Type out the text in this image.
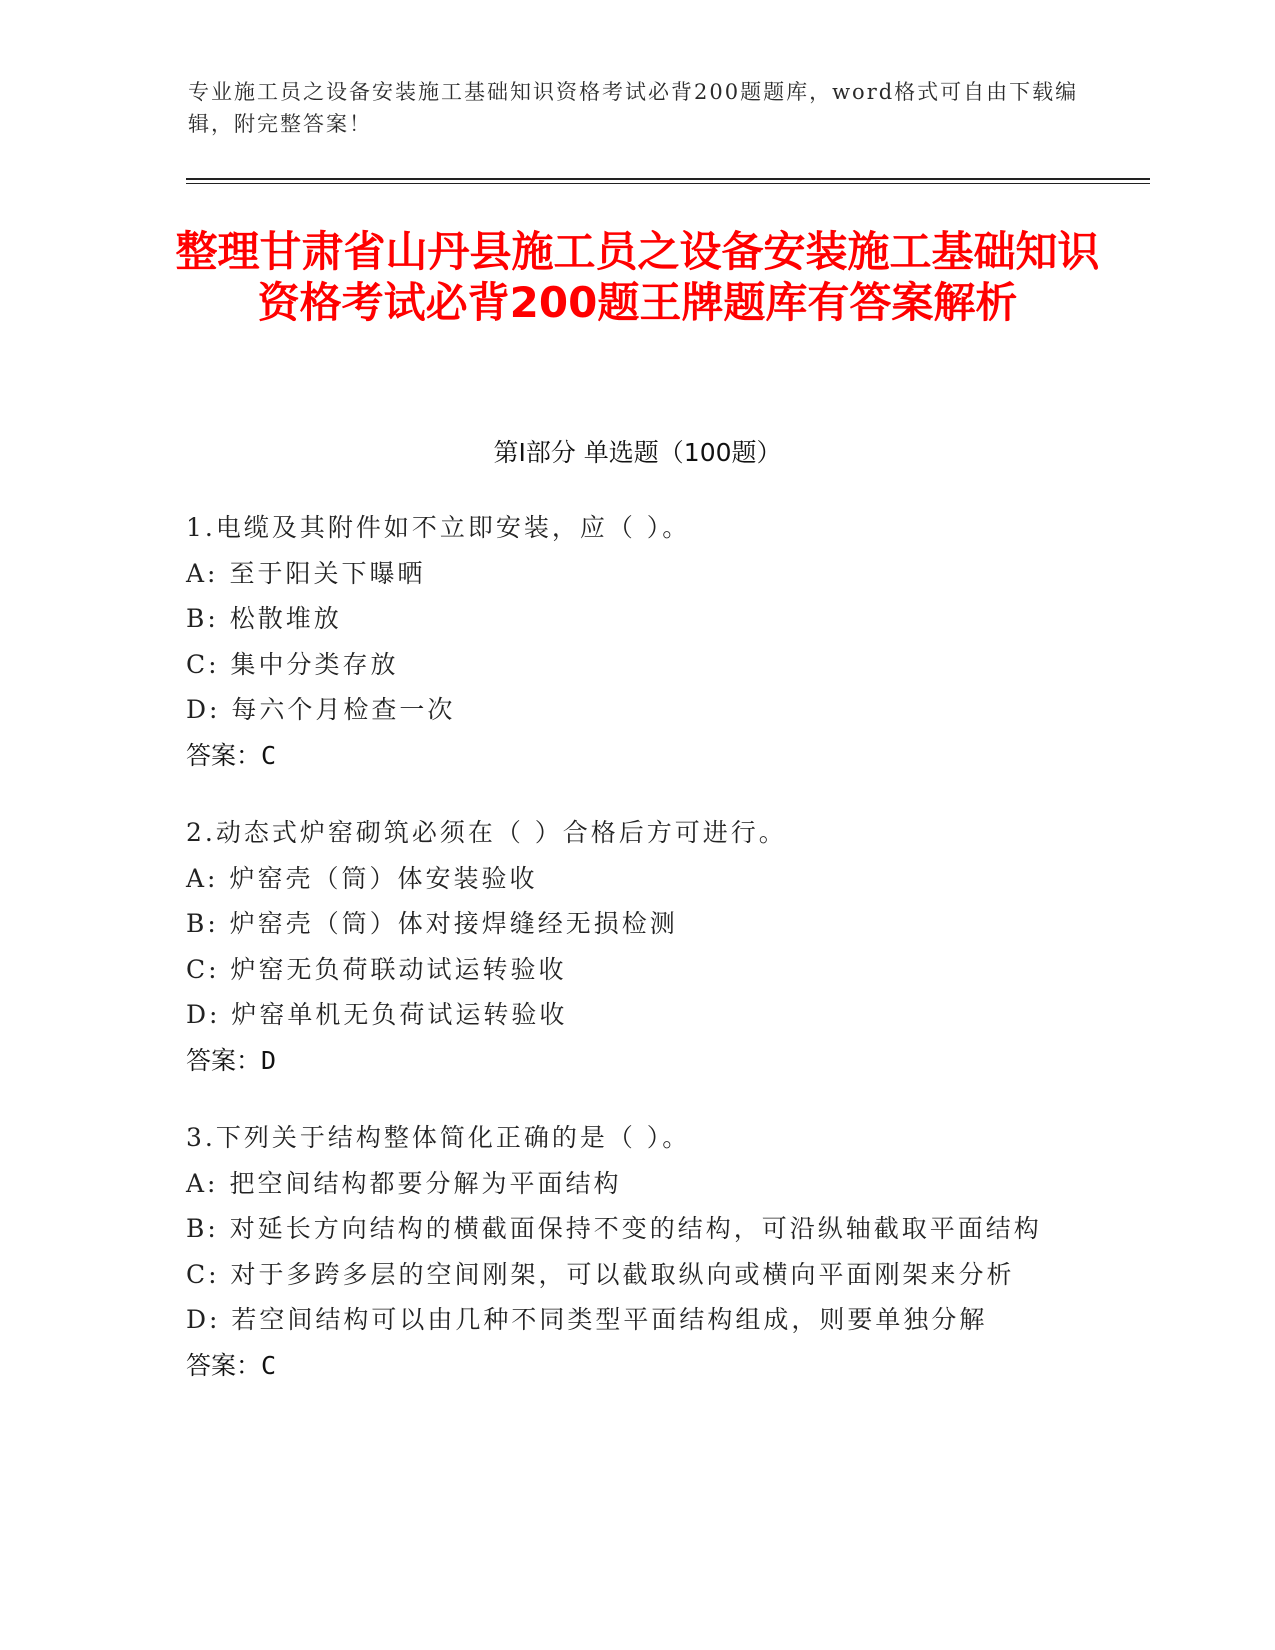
专业施工员之设备安装施工基础知识资格考试必背200题题库，word格式可自由下载编辑，附完整答案！
整理甘肃省山丹县施工员之设备安装施工基础知识资格考试必背200题王牌题库有答案解析
第Ⅰ部分 单选题（100题）
1.电缆及其附件如不立即安装，应（ ）。
A: 至于阳关下曝晒
B: 松散堆放
C: 集中分类存放
D: 每六个月检查一次
答案：C
2.动态式炉窑砌筑必须在（ ）合格后方可进行。
A: 炉窑壳（筒）体安装验收
B: 炉窑壳（筒）体对接焊缝经无损检测
C: 炉窑无负荷联动试运转验收
D: 炉窑单机无负荷试运转验收
答案：D
3.下列关于结构整体简化正确的是（ ）。
A: 把空间结构都要分解为平面结构
B: 对延长方向结构的横截面保持不变的结构，可沿纵轴截取平面结构
C: 对于多跨多层的空间刚架，可以截取纵向或横向平面刚架来分析
D: 若空间结构可以由几种不同类型平面结构组成，则要单独分解
答案：C
